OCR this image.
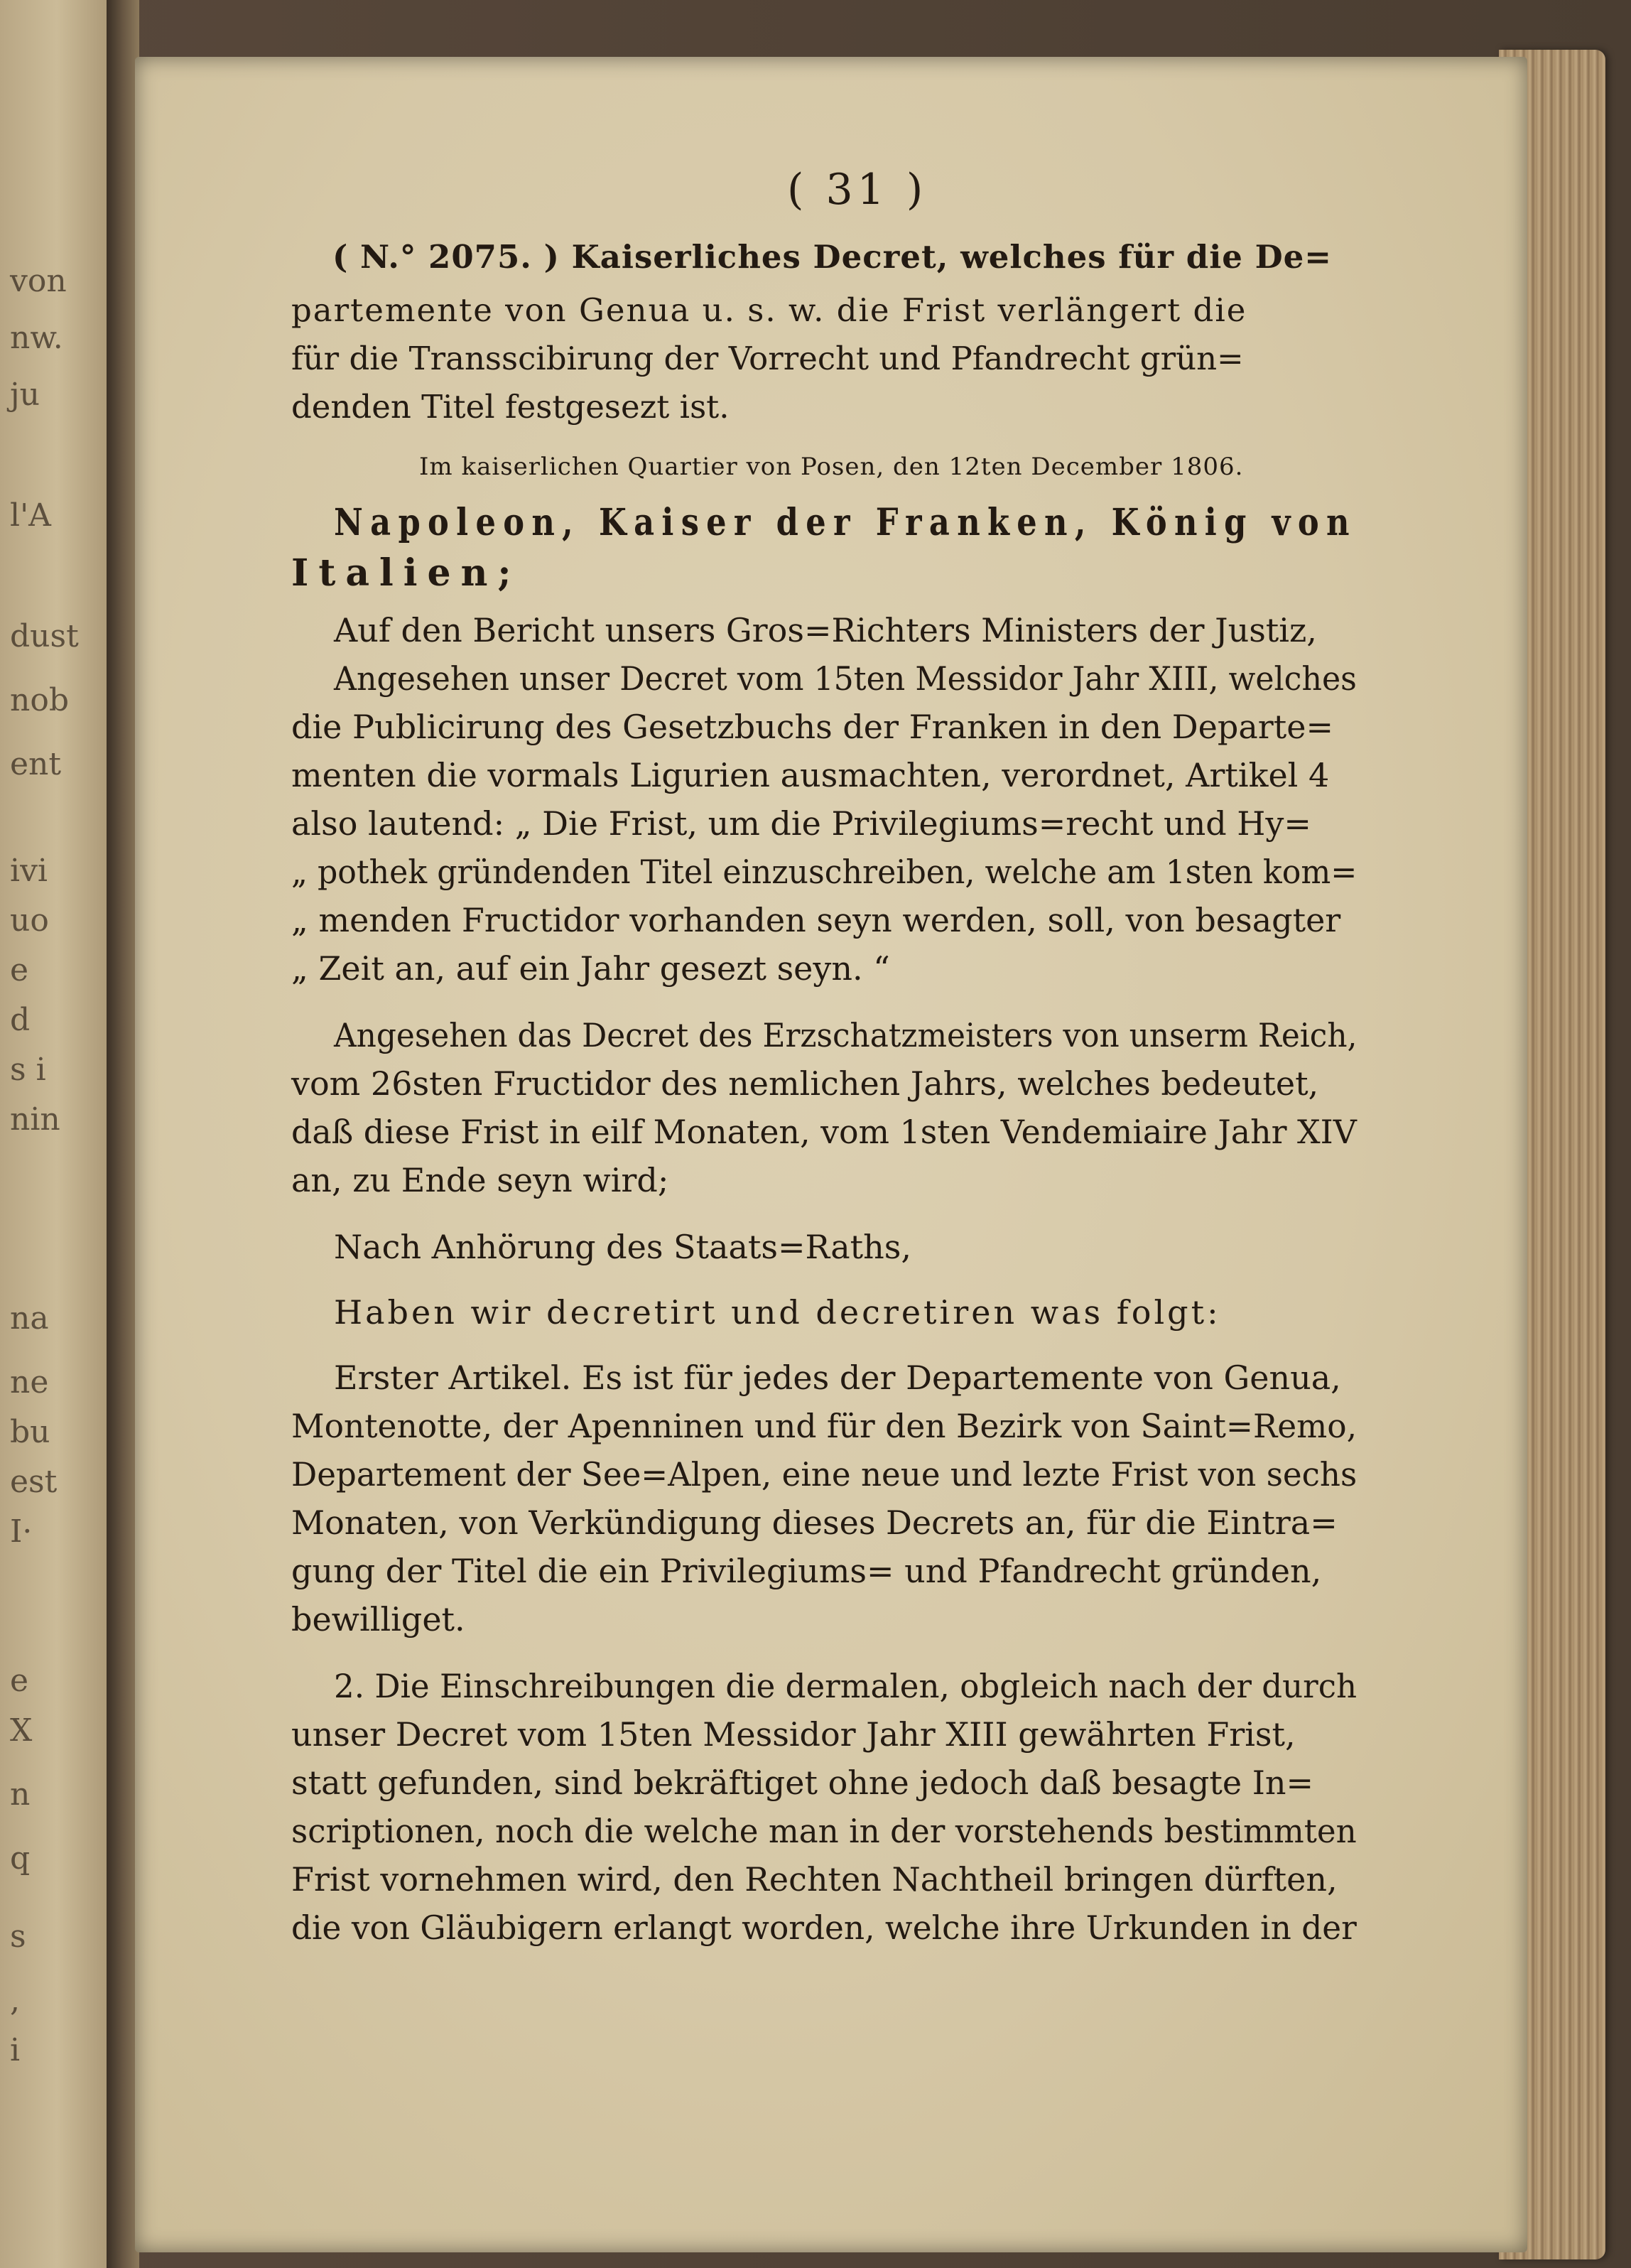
von
nw.
ju
l'A
dust
nob
ent
ivi
uo
e
d
s i
nin
na
ne
bu
est
I·
e
X
n
q
s
,
i
( 31 )
( N.° 2075. ) Kaiserliches Decret, welches für die De=
partemente von Genua u. s. w. die Frist verlängert die
für die Transscibirung der Vorrecht und Pfandrecht grün=
denden Titel festgesezt ist.
Im kaiserlichen Quartier von Posen, den 12ten December 1806.
Napoleon, Kaiser der Franken, König von
Italien;
Auf den Bericht unsers Gros=Richters Ministers der Justiz,
Angesehen unser Decret vom 15ten Messidor Jahr XIII, welches
die Publicirung des Gesetzbuchs der Franken in den Departe=
menten die vormals Ligurien ausmachten, verordnet, Artikel 4
also lautend: „ Die Frist, um die Privilegiums=recht und Hy=
„ pothek gründenden Titel einzuschreiben, welche am 1sten kom=
„ menden Fructidor vorhanden seyn werden, soll, von besagter
„ Zeit an, auf ein Jahr gesezt seyn. “
Angesehen das Decret des Erzschatzmeisters von unserm Reich,
vom 26sten Fructidor des nemlichen Jahrs, welches bedeutet,
daß diese Frist in eilf Monaten, vom 1sten Vendemiaire Jahr XIV
an, zu Ende seyn wird;
Nach Anhörung des Staats=Raths,
Haben wir decretirt und decretiren was folgt:
Erster Artikel. Es ist für jedes der Departemente von Genua,
Montenotte, der Apenninen und für den Bezirk von Saint=Remo,
Departement der See=Alpen, eine neue und lezte Frist von sechs
Monaten, von Verkündigung dieses Decrets an, für die Eintra=
gung der Titel die ein Privilegiums= und Pfandrecht gründen,
bewilliget.
2. Die Einschreibungen die dermalen, obgleich nach der durch
unser Decret vom 15ten Messidor Jahr XIII gewährten Frist,
statt gefunden, sind bekräftiget ohne jedoch daß besagte In=
scriptionen, noch die welche man in der vorstehends bestimmten
Frist vornehmen wird, den Rechten Nachtheil bringen dürften,
die von Gläubigern erlangt worden, welche ihre Urkunden in der
